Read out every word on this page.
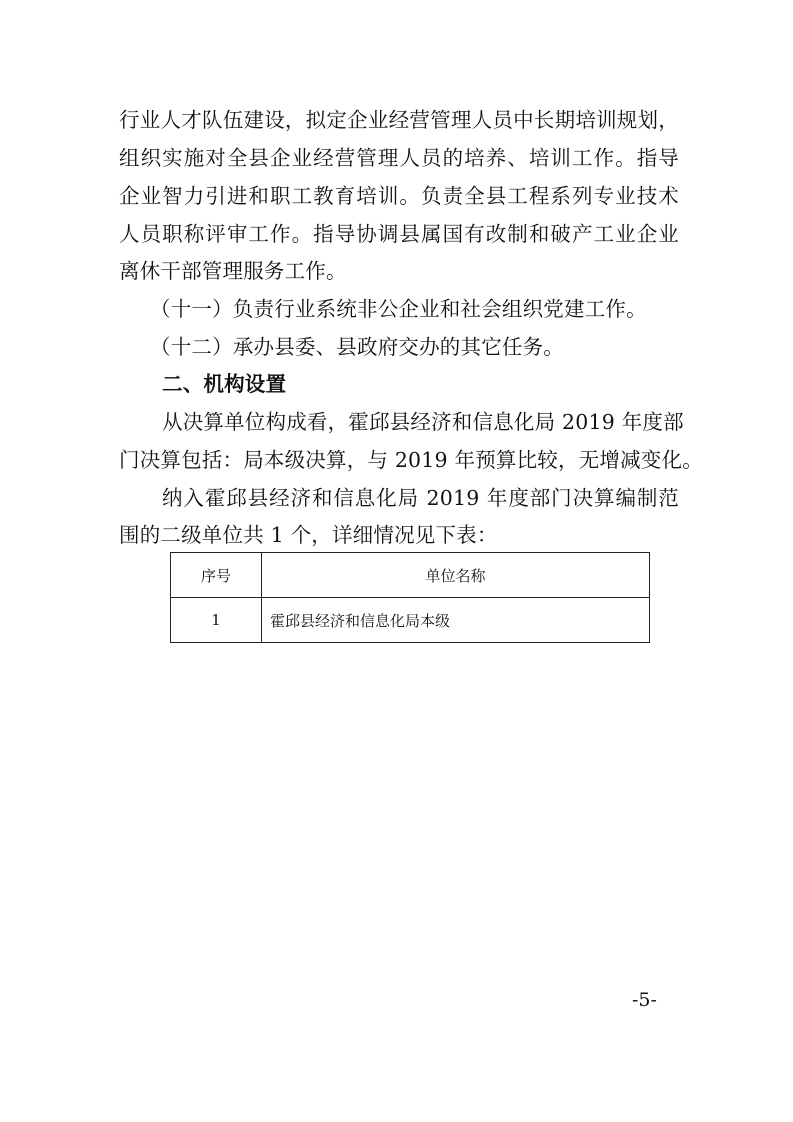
行业人才队伍建设，拟定企业经营管理人员中长期培训规划，
组织实施对全县企业经营管理人员的培养、培训工作。指导
企业智力引进和职工教育培训。负责全县工程系列专业技术
人员职称评审工作。指导协调县属国有改制和破产工业企业
离休干部管理服务工作。
（十一）负责行业系统非公企业和社会组织党建工作。
（十二）承办县委、县政府交办的其它任务。
二、机构设置
从决算单位构成看，霍邱县经济和信息化局 2019 年度部
门决算包括：局本级决算，与 2019 年预算比较，无增减变化。
纳入霍邱县经济和信息化局 2019 年度部门决算编制范
围的二级单位共 1 个，详细情况见下表：
序号	单位名称
1	霍邱县经济和信息化局本级
-5-
